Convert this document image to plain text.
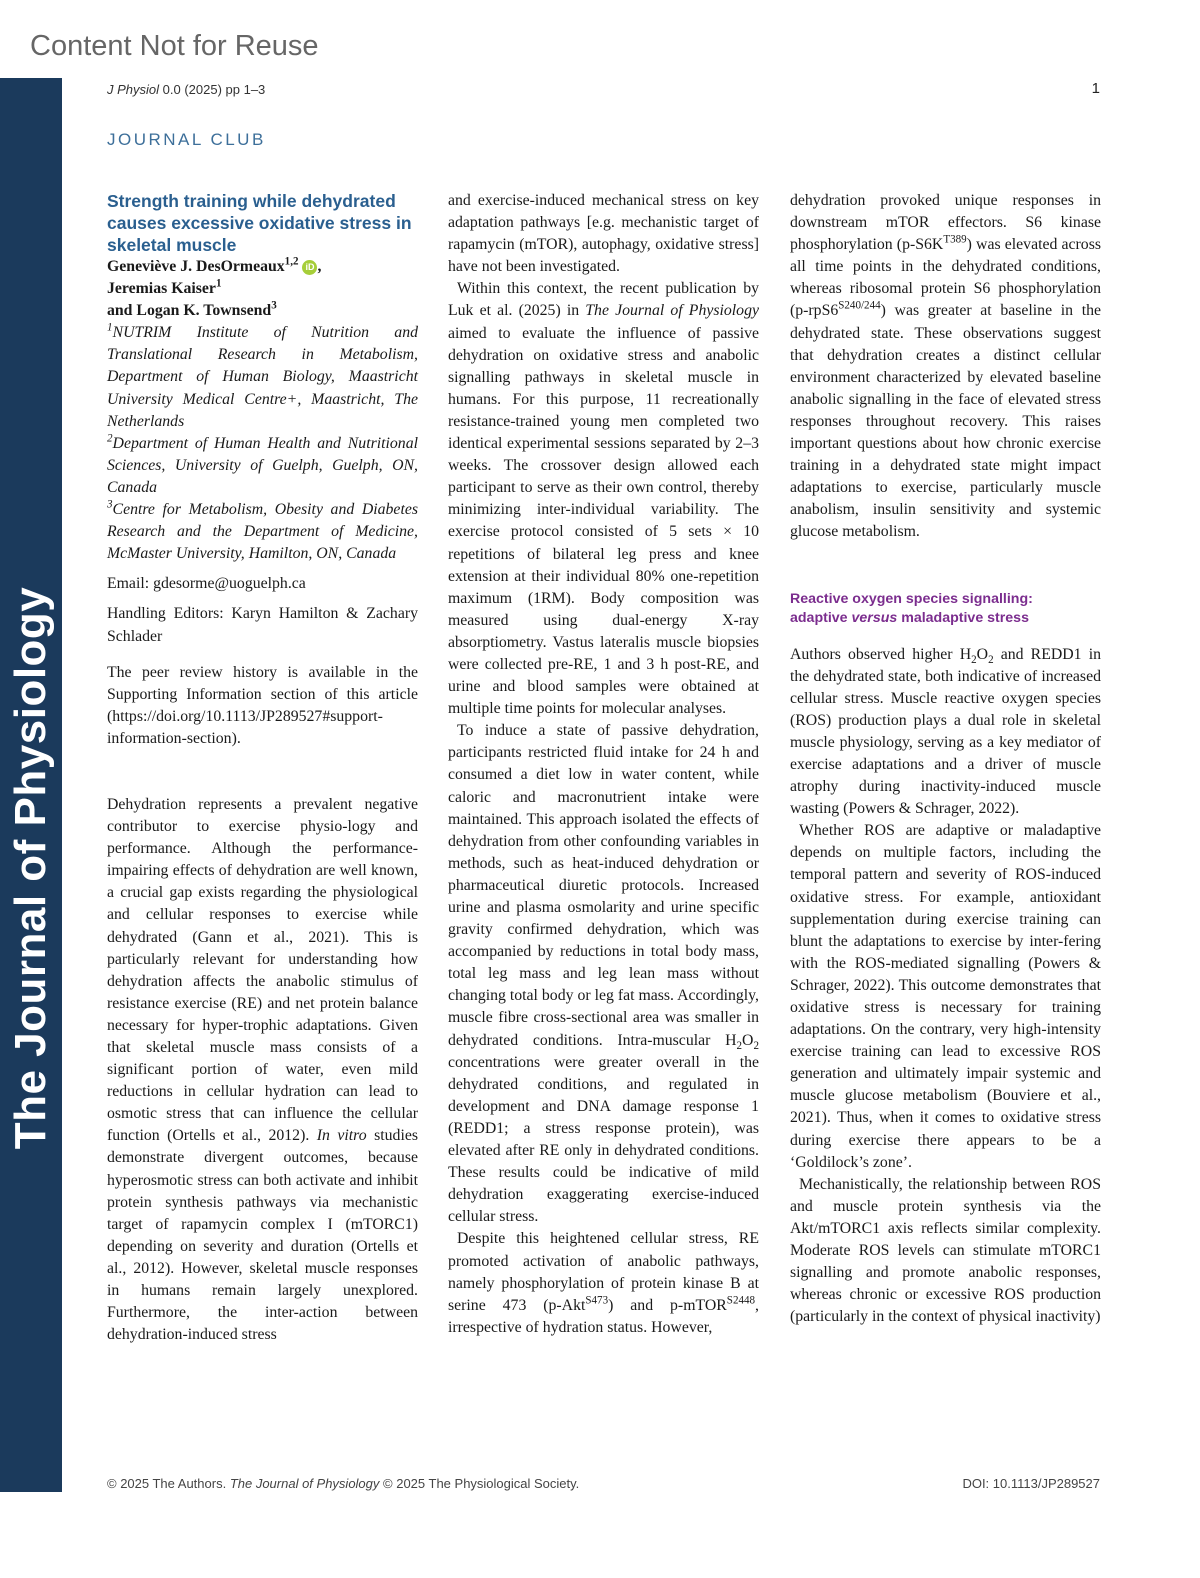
Content Not for Reuse
The Journal of Physiology
J Physiol 0.0 (2025) pp 1–3	1
JOURNAL CLUB

Strength training while dehydrated causes excessive oxidative stress in skeletal muscle

Geneviève J. DesOrmeaux$^{1,2}$ iD ,
Jeremias Kaiser$^1$
and Logan K. Townsend$^3$

$^1$NUTRIM Institute of Nutrition and Translational Research in Metabolism, Department of Human Biology, Maastricht University Medical Centre+, Maastricht, The Netherlands

$^2$Department of Human Health and Nutritional Sciences, University of Guelph, Guelph, ON, Canada

$^3$Centre for Metabolism, Obesity and Diabetes Research and the Department of Medicine, McMaster University, Hamilton, ON, Canada

Email: gdesorme@uoguelph.ca

Handling Editors: Karyn Hamilton & Zachary Schlader

The peer review history is available in the Supporting Information section of this article (https://doi.org/10.1113/JP289527#support-information-section).

Dehydration represents a prevalent negative contributor to exercise physio-logy and performance. Although the performance-impairing effects of dehydration are well known, a crucial gap exists regarding the physiological and cellular responses to exercise while dehydrated (Gann et al., 2021). This is particularly relevant for understanding how dehydration affects the anabolic stimulus of resistance exercise (RE) and net protein balance necessary for hyper-trophic adaptations. Given that skeletal muscle mass consists of a significant portion of water, even mild reductions in cellular hydration can lead to osmotic stress that can influence the cellular function (Ortells et al., 2012). In vitro studies demonstrate divergent outcomes, because hyperosmotic stress can both activate and inhibit protein synthesis pathways via mechanistic target of rapamycin complex I (mTORC1) depending on severity and duration (Ortells et al., 2012). However, skeletal muscle responses in humans remain largely unexplored. Furthermore, the inter-action between dehydration-induced stress

and exercise-induced mechanical stress on key adaptation pathways [e.g. mechanistic target of rapamycin (mTOR), autophagy, oxidative stress] have not been investigated.

Within this context, the recent publication by Luk et al. (2025) in The Journal of Physiology aimed to evaluate the influence of passive dehydration on oxidative stress and anabolic signalling pathways in skeletal muscle in humans. For this purpose, 11 recreationally resistance-trained young men completed two identical experimental sessions separated by 2–3 weeks. The crossover design allowed each participant to serve as their own control, thereby minimizing inter-individual variability. The exercise protocol consisted of 5 sets × 10 repetitions of bilateral leg press and knee extension at their individual 80% one-repetition maximum (1RM). Body composition was measured using dual-energy X-ray absorptiometry. Vastus lateralis muscle biopsies were collected pre-RE, 1 and 3 h post-RE, and urine and blood samples were obtained at multiple time points for molecular analyses.

To induce a state of passive dehydration, participants restricted fluid intake for 24 h and consumed a diet low in water content, while caloric and macronutrient intake were maintained. This approach isolated the effects of dehydration from other confounding variables in methods, such as heat-induced dehydration or pharmaceutical diuretic protocols. Increased urine and plasma osmolarity and urine specific gravity confirmed dehydration, which was accompanied by reductions in total body mass, total leg mass and leg lean mass without changing total body or leg fat mass. Accordingly, muscle fibre cross-sectional area was smaller in dehydrated conditions. Intra-muscular $H_2O_2$ concentrations were greater overall in the dehydrated conditions, and regulated in development and DNA damage response 1 (REDD1; a stress response protein), was elevated after RE only in dehydrated conditions. These results could be indicative of mild dehydration exaggerating exercise-induced cellular stress.

Despite this heightened cellular stress, RE promoted activation of anabolic pathways, namely phosphorylation of protein kinase B at serine 473 (p-Akt$^{S473}$) and p-mTOR$^{S2448}$, irrespective of hydration status. However,

dehydration provoked unique responses in downstream mTOR effectors. S6 kinase phosphorylation $(p-S6K^{T389})$ was elevated across all time points in the dehydrated conditions, whereas ribosomal protein S6 phosphorylation $(p-rpS6^{S240/244})$ was greater at baseline in the dehydrated state. These observations suggest that dehydration creates a distinct cellular environment characterized by elevated baseline anabolic signalling in the face of elevated stress responses throughout recovery. This raises important questions about how chronic exercise training in a dehydrated state might impact adaptations to exercise, particularly muscle anabolism, insulin sensitivity and systemic glucose metabolism.

Reactive oxygen species signalling:
adaptive versus maladaptive stress

Authors observed higher $H_2O_2$ and REDD1 in the dehydrated state, both indicative of increased cellular stress. Muscle reactive oxygen species (ROS) production plays a dual role in skeletal muscle physiology, serving as a key mediator of exercise adaptations and a driver of muscle atrophy during inactivity-induced muscle wasting (Powers & Schrager, 2022).

Whether ROS are adaptive or maladaptive depends on multiple factors, including the temporal pattern and severity of ROS-induced oxidative stress. For example, antioxidant supplementation during exercise training can blunt the adaptations to exercise by inter-fering with the ROS-mediated signalling (Powers & Schrager, 2022). This outcome demonstrates that oxidative stress is necessary for training adaptations. On the contrary, very high-intensity exercise training can lead to excessive ROS generation and ultimately impair systemic and muscle glucose metabolism (Bouviere et al., 2021). Thus, when it comes to oxidative stress during exercise there appears to be a ‘Goldilock’s zone’.

Mechanistically, the relationship between ROS and muscle protein synthesis via the Akt/mTORC1 axis reflects similar complexity. Moderate ROS levels can stimulate mTORC1 signalling and promote anabolic responses, whereas chronic or excessive ROS production (particularly in the context of physical inactivity)

© 2025 The Authors. The Journal of Physiology © 2025 The Physiological Society.	DOI: 10.1113/JP289527
